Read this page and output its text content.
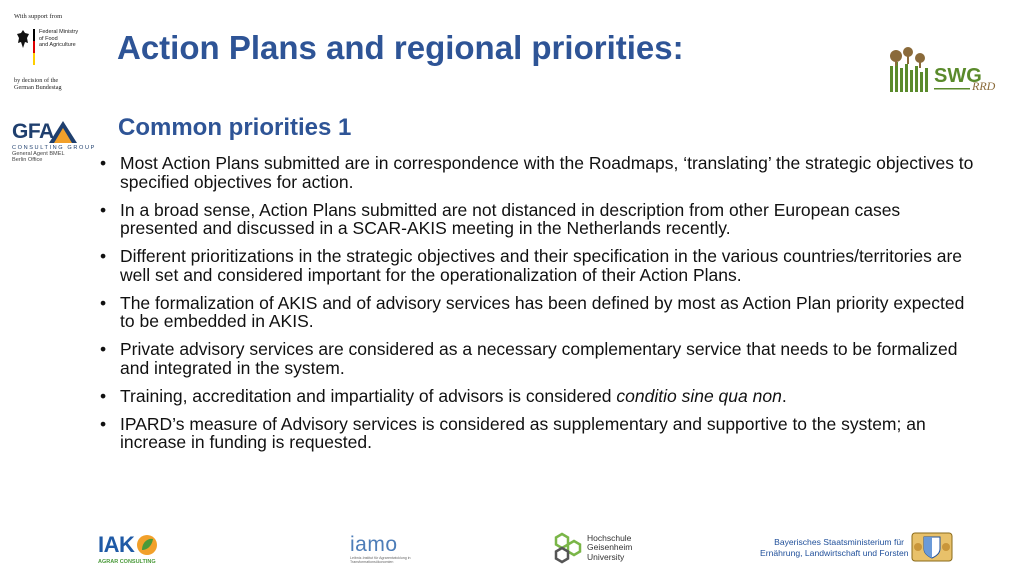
With support from
Federal Ministry
of Food
and Agriculture
by decision of the
German Bundestag
GFA
CONSULTING GROUP
General Agent BMEL
Berlin Office
Action Plans and regional priorities:
Common priorities 1
SWG
RRD
• Most Action Plans submitted are in correspondence with the Roadmaps, ‘translating’ the strategic objectives to specified objectives for action.
• In a broad sense, Action Plans submitted are not distanced in description from other European cases presented and discussed in a SCAR-AKIS meeting in the Netherlands recently.
• Different prioritizations in the strategic objectives and their specification in the various countries/territories are well set and considered important for the operationalization of their Action Plans.
• The formalization of AKIS and of advisory services has been defined by most as Action Plan priority expected to be embedded in AKIS.
• Private advisory services are considered as a necessary complementary service that needs to be formalized and integrated in the system.
• Training, accreditation and impartiality of advisors is considered conditio sine qua non.
• IPARD’s measure of Advisory services is considered as supplementary and supportive to the system; an increase in funding is requested.
IAK
AGRAR CONSULTING
iamo
Leibniz-Institut für Agrarentwicklung in Transformationsökonomien
Hochschule
Geisenheim
University
Bayerisches Staatsministerium für
Ernährung, Landwirtschaft und Forsten
